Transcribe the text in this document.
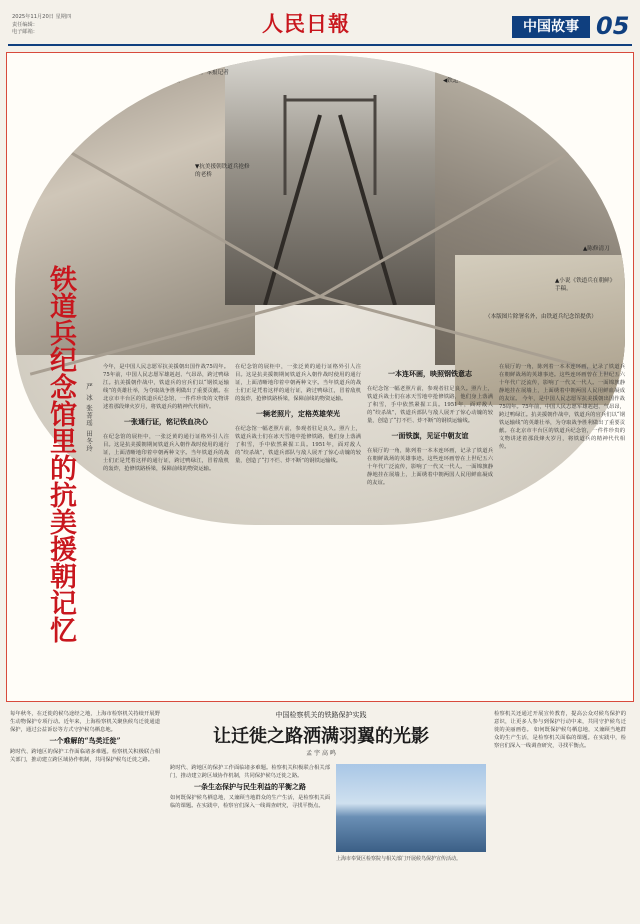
2025年11月20日 星期四
责任编辑：
电子邮箱：	人民日報	中国故事 05
▲铁道兵纪念馆。本报记者 严冰摄
▼抗美援朝铁道兵抢修的老桥
◀铁道兵团抢修铁路
▲陈修清刀
▲小说《铁道兵在朝鲜》手稿。
（本版图片除署名外，由铁道兵纪念馆提供）
铁道兵纪念馆里的抗美援朝记忆 严 冰 张菁瑶 田冬玲
今年，是中国人民志愿军抗美援朝出国作战75周年。75年前，中国人民志愿军雄赳赳、气昂昂，跨过鸭绿江。抗美援朝作战中，铁道兵的官兵们以“钢铁运输线”的英雄壮举，为夺取战争胜利做出了重要贡献。在北京市丰台区的铁道兵纪念馆，一件件珍贵的文物讲述着那段烽火岁月，将铁道兵的精神代代相传。
一张通行证，铭记铁血决心
在纪念馆的展柜中，一张泛黄的通行证格外引人注目。这是抗美援朝期间铁道兵入朝作战时使用的通行证，上面清晰地印着中朝两种文字。当年铁道兵的战士们正是凭着这样的通行证，跨过鸭绿江，冒着敌机的轰炸，抢修铁路桥梁，保障前线的物资运输。
在纪念馆的展柜中，一张泛黄的通行证格外引人注目。这是抗美援朝期间铁道兵入朝作战时使用的通行证，上面清晰地印着中朝两种文字。当年铁道兵的战士们正是凭着这样的通行证，跨过鸭绿江，冒着敌机的轰炸，抢修铁路桥梁，保障前线的物资运输。
一辆老照片，定格英雄荣光
在纪念馆一幅老照片前，参观者驻足良久。照片上，铁道兵战士们在冰天雪地中抢修铁路，他们身上落满了积雪，手中依然紧握工具。1951年，面对敌人的“绞杀战”，铁道兵部队与敌人展开了惊心动魄的较量，创造了“打不烂、炸不断”的钢铁运输线。
一本连环画，映照钢铁意志
在纪念馆一幅老照片前，参观者驻足良久。照片上，铁道兵战士们在冰天雪地中抢修铁路，他们身上落满了积雪，手中依然紧握工具。1951年，面对敌人的“绞杀战”，铁道兵部队与敌人展开了惊心动魄的较量，创造了“打不烂、炸不断”的钢铁运输线。
一面铁旗，见证中朝友谊
在展厅的一角，陈列着一本本连环画，记录了铁道兵在朝鲜战场的英雄事迹。这些连环画曾在上世纪五六十年代广泛流传，影响了一代又一代人。一面锦旗静静地挂在展墙上，上面绣着中朝两国人民用鲜血凝成的友谊。
在展厅的一角，陈列着一本本连环画，记录了铁道兵在朝鲜战场的英雄事迹。这些连环画曾在上世纪五六十年代广泛流传，影响了一代又一代人。一面锦旗静静地挂在展墙上，上面绣着中朝两国人民用鲜血凝成的友谊。 今年，是中国人民志愿军抗美援朝出国作战75周年。75年前，中国人民志愿军雄赳赳、气昂昂，跨过鸭绿江。抗美援朝作战中，铁道兵的官兵们以“钢铁运输线”的英雄壮举，为夺取战争胜利做出了重要贡献。在北京市丰台区的铁道兵纪念馆，一件件珍贵的文物讲述着那段烽火岁月，将铁道兵的精神代代相传。
中国检察机关的铁路保护实践
让迁徙之路洒满羽翼的光影
孟 宇 高 鸣
每年秋冬，在迁徙的候鸟途经之地，上海市检察机关持续开展野生动物保护专项行动。近年来，上海检察机关聚焦候鸟迁徙通道保护，通过公益诉讼等方式守护候鸟栖息地。
一个难解的“鸟类迁徙”
跨时代、跨地区的保护工作面临诸多难题。检察机关积极联合相关部门，推动建立跨区域协作机制，共同保护候鸟迁徙之路。
跨时代、跨地区的保护工作面临诸多难题。检察机关积极联合相关部门，推动建立跨区域协作机制，共同保护候鸟迁徙之路。
一条生态保护与民生利益的平衡之路
如何既保护候鸟栖息地，又兼顾当地群众的生产生活，是检察机关面临的课题。在实践中，检察官们深入一线调查研究，寻找平衡点。
上海市奉贤区检察院与相关部门开展候鸟保护宣传活动。
检察机关还通过开展宣传教育，提高公众对候鸟保护的意识，让更多人参与到保护行动中来，共同守护候鸟迁徙的美丽画卷。 如何既保护候鸟栖息地，又兼顾当地群众的生产生活，是检察机关面临的课题。在实践中，检察官们深入一线调查研究，寻找平衡点。
